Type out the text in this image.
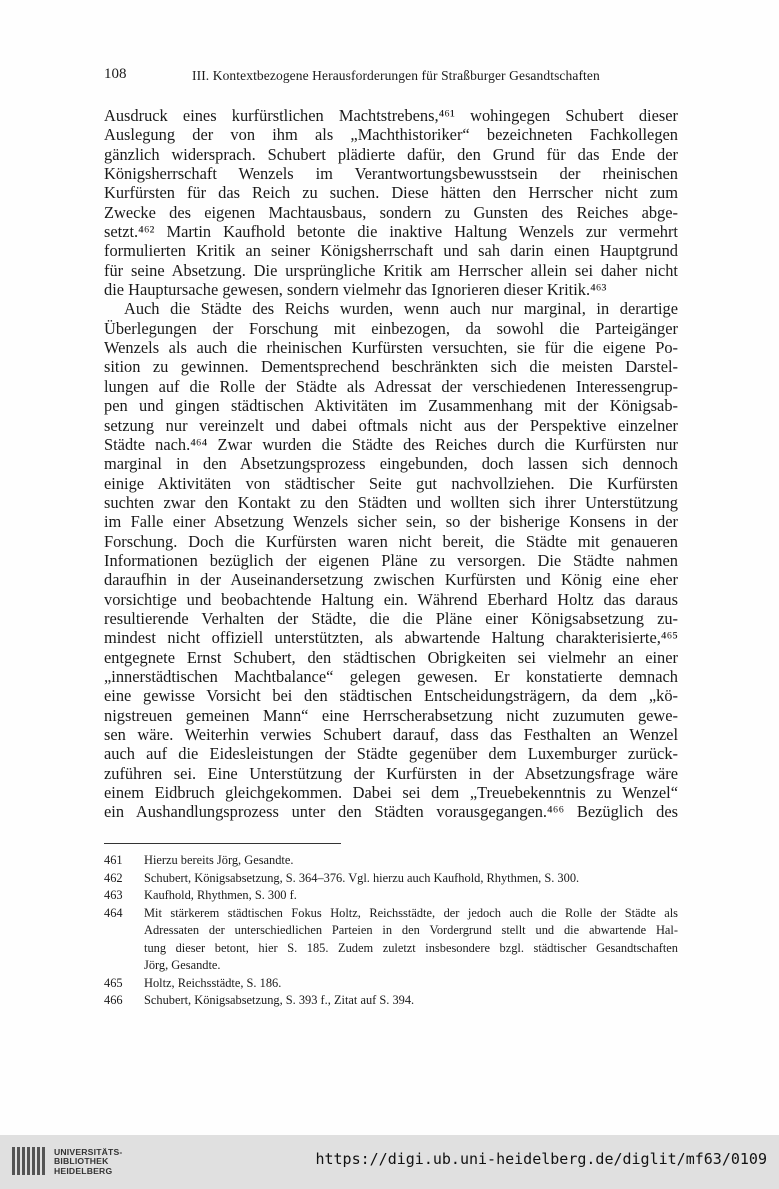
108	III. Kontextbezogene Herausforderungen für Straßburger Gesandtschaften
Ausdruck eines kurfürstlichen Machtstrebens,⁴⁶¹ wohingegen Schubert dieser
Auslegung der von ihm als „Machthistoriker“ bezeichneten Fachkollegen
gänzlich widersprach. Schubert plädierte dafür, den Grund für das Ende der
Königsherrschaft Wenzels im Verantwortungsbewusstsein der rheinischen
Kurfürsten für das Reich zu suchen. Diese hätten den Herrscher nicht zum
Zwecke des eigenen Machtausbaus, sondern zu Gunsten des Reiches abge-
setzt.⁴⁶² Martin Kaufhold betonte die inaktive Haltung Wenzels zur vermehrt
formulierten Kritik an seiner Königsherrschaft und sah darin einen Hauptgrund
für seine Absetzung. Die ursprüngliche Kritik am Herrscher allein sei daher nicht
die Hauptursache gewesen, sondern vielmehr das Ignorieren dieser Kritik.⁴⁶³
Auch die Städte des Reichs wurden, wenn auch nur marginal, in derartige
Überlegungen der Forschung mit einbezogen, da sowohl die Parteigänger
Wenzels als auch die rheinischen Kurfürsten versuchten, sie für die eigene Po-
sition zu gewinnen. Dementsprechend beschränkten sich die meisten Darstel-
lungen auf die Rolle der Städte als Adressat der verschiedenen Interessengrup-
pen und gingen städtischen Aktivitäten im Zusammenhang mit der Königsab-
setzung nur vereinzelt und dabei oftmals nicht aus der Perspektive einzelner
Städte nach.⁴⁶⁴ Zwar wurden die Städte des Reiches durch die Kurfürsten nur
marginal in den Absetzungsprozess eingebunden, doch lassen sich dennoch
einige Aktivitäten von städtischer Seite gut nachvollziehen. Die Kurfürsten
suchten zwar den Kontakt zu den Städten und wollten sich ihrer Unterstützung
im Falle einer Absetzung Wenzels sicher sein, so der bisherige Konsens in der
Forschung. Doch die Kurfürsten waren nicht bereit, die Städte mit genaueren
Informationen bezüglich der eigenen Pläne zu versorgen. Die Städte nahmen
daraufhin in der Auseinandersetzung zwischen Kurfürsten und König eine eher
vorsichtige und beobachtende Haltung ein. Während Eberhard Holtz das daraus
resultierende Verhalten der Städte, die die Pläne einer Königsabsetzung zu-
mindest nicht offiziell unterstützten, als abwartende Haltung charakterisierte,⁴⁶⁵
entgegnete Ernst Schubert, den städtischen Obrigkeiten sei vielmehr an einer
„innerstädtischen Machtbalance“ gelegen gewesen. Er konstatierte demnach
eine gewisse Vorsicht bei den städtischen Entscheidungsträgern, da dem „kö-
nigstreuen gemeinen Mann“ eine Herrscherabsetzung nicht zuzumuten gewe-
sen wäre. Weiterhin verwies Schubert darauf, dass das Festhalten an Wenzel
auch auf die Eidesleistungen der Städte gegenüber dem Luxemburger zurück-
zuführen sei. Eine Unterstützung der Kurfürsten in der Absetzungsfrage wäre
einem Eidbruch gleichgekommen. Dabei sei dem „Treuebekenntnis zu Wenzel“
ein Aushandlungsprozess unter den Städten vorausgegangen.⁴⁶⁶ Bezüglich des
461	Hierzu bereits Jörg, Gesandte.
462	Schubert, Königsabsetzung, S. 364–376. Vgl. hierzu auch Kaufhold, Rhythmen, S. 300.
463	Kaufhold, Rhythmen, S. 300 f.
464	Mit stärkerem städtischen Fokus Holtz, Reichsstädte, der jedoch auch die Rolle der Städte als
Adressaten der unterschiedlichen Parteien in den Vordergrund stellt und die abwartende Hal-
tung dieser betont, hier S. 185. Zudem zuletzt insbesondere bzgl. städtischer Gesandtschaften
Jörg, Gesandte.
465	Holtz, Reichsstädte, S. 186.
466	Schubert, Königsabsetzung, S. 393 f., Zitat auf S. 394.
UNIVERSITÄTS-
BIBLIOTHEK
HEIDELBERG
https://digi.ub.uni-heidelberg.de/diglit/mf63/0109
